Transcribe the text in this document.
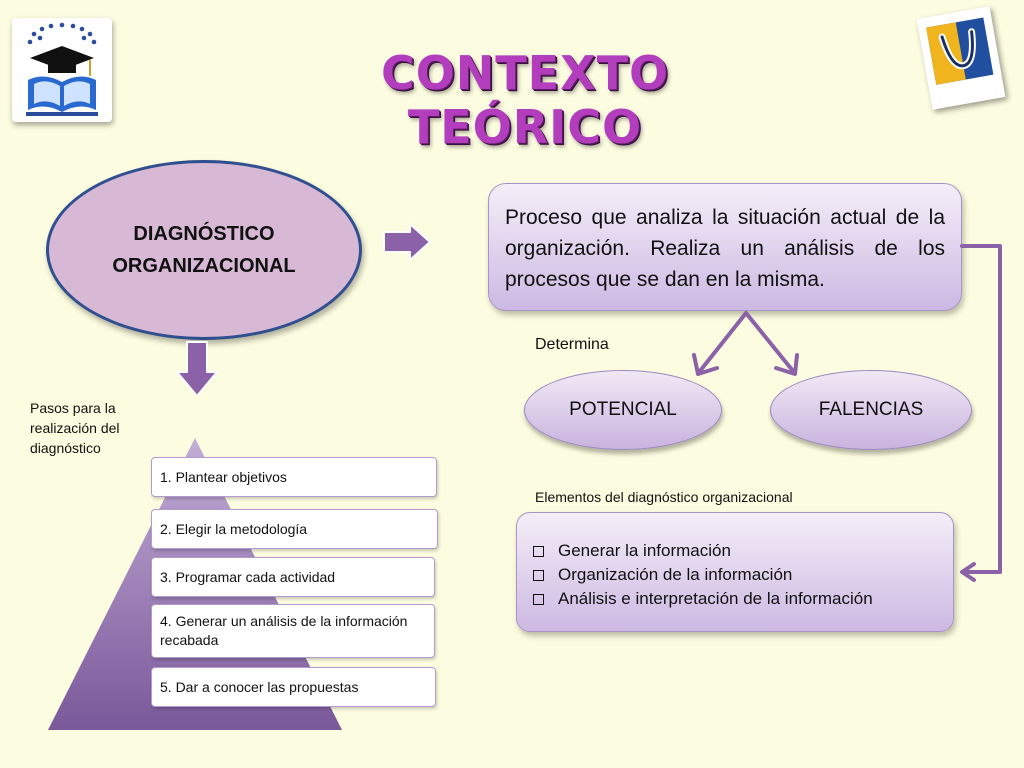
CONTEXTO TEÓRICO
DIAGNÓSTICO
ORGANIZACIONAL
Proceso que analiza la situación actual de la organización. Realiza un análisis de los procesos que se dan en la misma.
Determina
POTENCIAL	FALENCIAS
Elementos del diagnóstico organizacional
Generar la información
Organización de la información
Análisis e interpretación de la información
Pasos para la realización del diagnóstico
1. Plantear objetivos
2. Elegir la metodología
3. Programar cada actividad
4. Generar un análisis de la información recabada
5. Dar a conocer las propuestas
